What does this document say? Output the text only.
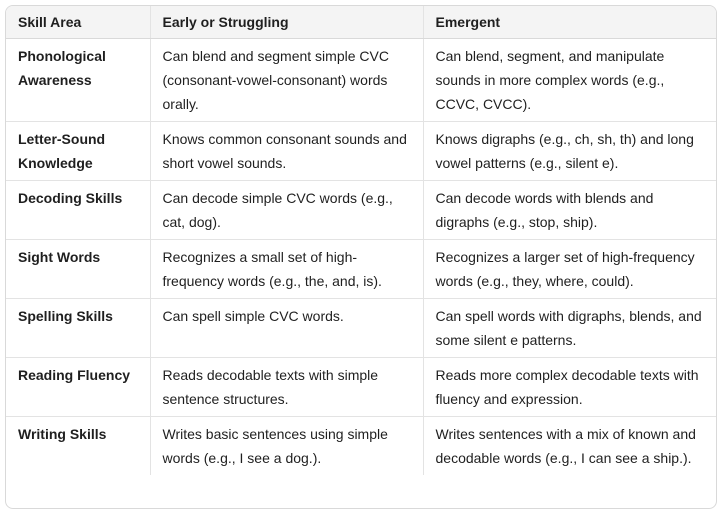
Skill Area	Early or Struggling	Emergent
Phonological Awareness	Can blend and segment simple CVC (consonant-vowel-consonant) words orally.	Can blend, segment, and manipulate sounds in more complex words (e.g., CCVC, CVCC).
Letter-Sound Knowledge	Knows common consonant sounds and short vowel sounds.	Knows digraphs (e.g., ch, sh, th) and long vowel patterns (e.g., silent e).
Decoding Skills	Can decode simple CVC words (e.g., cat, dog).	Can decode words with blends and digraphs (e.g., stop, ship).
Sight Words	Recognizes a small set of high-frequency words (e.g., the, and, is).	Recognizes a larger set of high-frequency words (e.g., they, where, could).
Spelling Skills	Can spell simple CVC words.	Can spell words with digraphs, blends, and some silent e patterns.
Reading Fluency	Reads decodable texts with simple sentence structures.	Reads more complex decodable texts with fluency and expression.
Writing Skills	Writes basic sentences using simple words (e.g., I see a dog.).	Writes sentences with a mix of known and decodable words (e.g., I can see a ship.).
